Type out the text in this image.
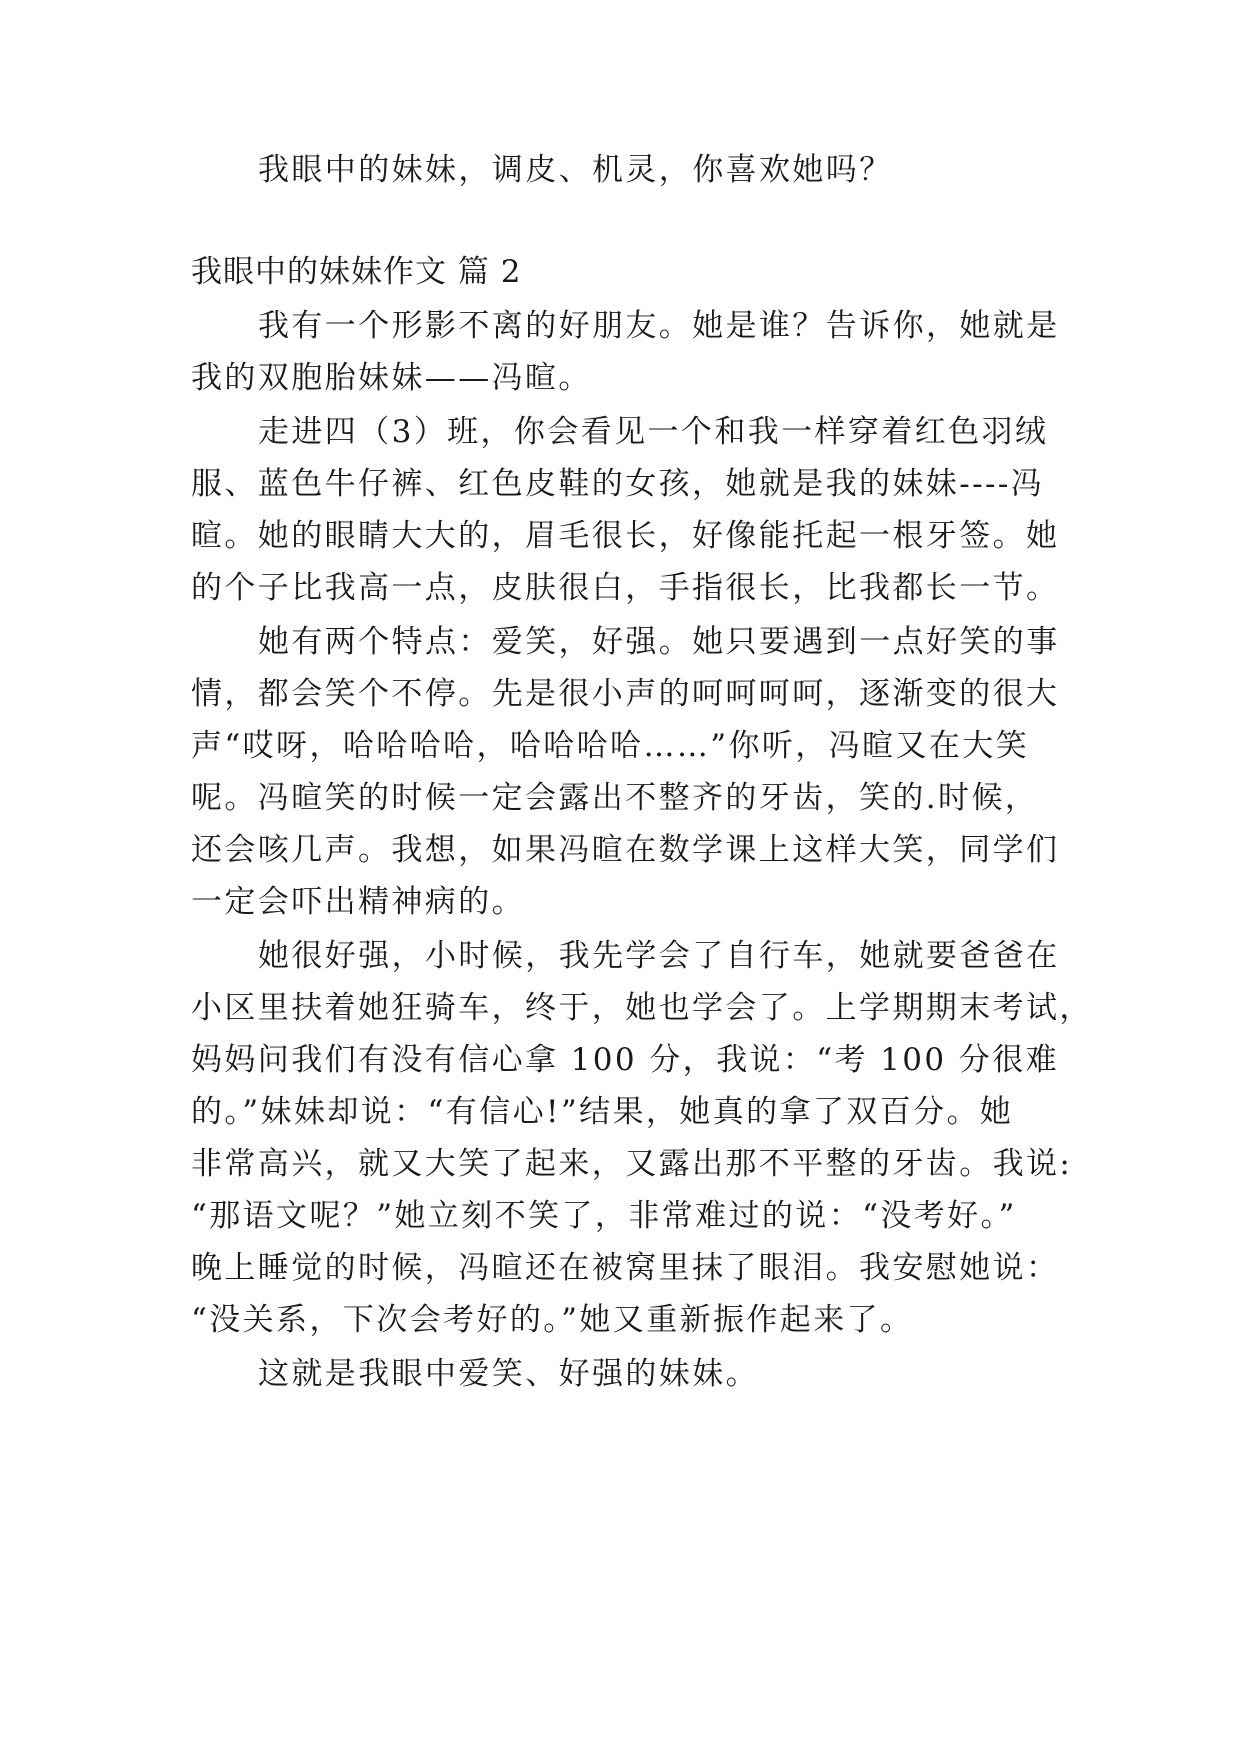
我眼中的妹妹，调皮、机灵，你喜欢她吗？
我眼中的妹妹作文 篇 2
我有一个形影不离的好朋友。她是谁？告诉你，她就是
我的双胞胎妹妹——冯暄。
走进四（3）班，你会看见一个和我一样穿着红色羽绒
服、蓝色牛仔裤、红色皮鞋的女孩，她就是我的妹妹----冯
暄。她的眼睛大大的，眉毛很长，好像能托起一根牙签。她
的个子比我高一点，皮肤很白，手指很长，比我都长一节。
她有两个特点：爱笑，好强。她只要遇到一点好笑的事
情，都会笑个不停。先是很小声的呵呵呵呵，逐渐变的很大
声“哎呀，哈哈哈哈，哈哈哈哈……”你听，冯暄又在大笑
呢。冯暄笑的时候一定会露出不整齐的牙齿，笑的.时候，
还会咳几声。我想，如果冯暄在数学课上这样大笑，同学们
一定会吓出精神病的。
她很好强，小时候，我先学会了自行车，她就要爸爸在
小区里扶着她狂骑车，终于，她也学会了。上学期期末考试，
妈妈问我们有没有信心拿 100 分，我说：“考 100 分很难
的。”妹妹却说：“有信心!”结果，她真的拿了双百分。她
非常高兴，就又大笑了起来，又露出那不平整的牙齿。我说:
“那语文呢？”她立刻不笑了，非常难过的说：“没考好。”
晚上睡觉的时候，冯暄还在被窝里抹了眼泪。我安慰她说：
“没关系，下次会考好的。”她又重新振作起来了。
这就是我眼中爱笑、好强的妹妹。
